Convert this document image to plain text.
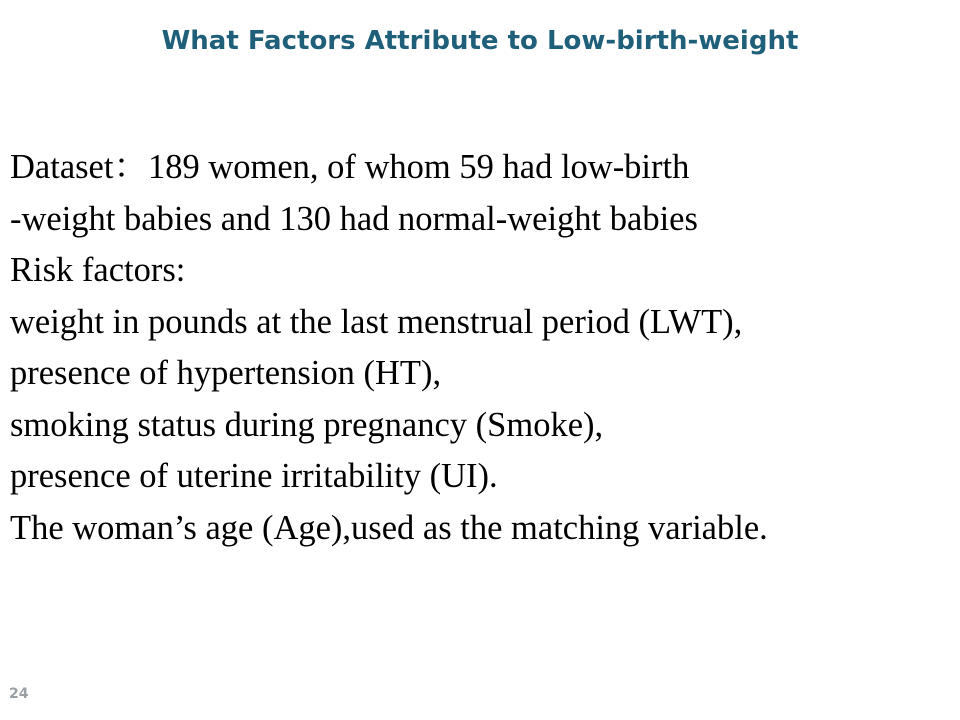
What Factors Attribute to Low-birth-weight
Dataset：189 women, of whom 59 had low-birth
-weight babies and 130 had normal-weight babies
Risk factors:
weight in pounds at the last menstrual period (LWT),
presence of hypertension (HT),
smoking status during pregnancy (Smoke),
presence of uterine irritability (UI).
The woman’s age (Age),used as the matching variable.
24
